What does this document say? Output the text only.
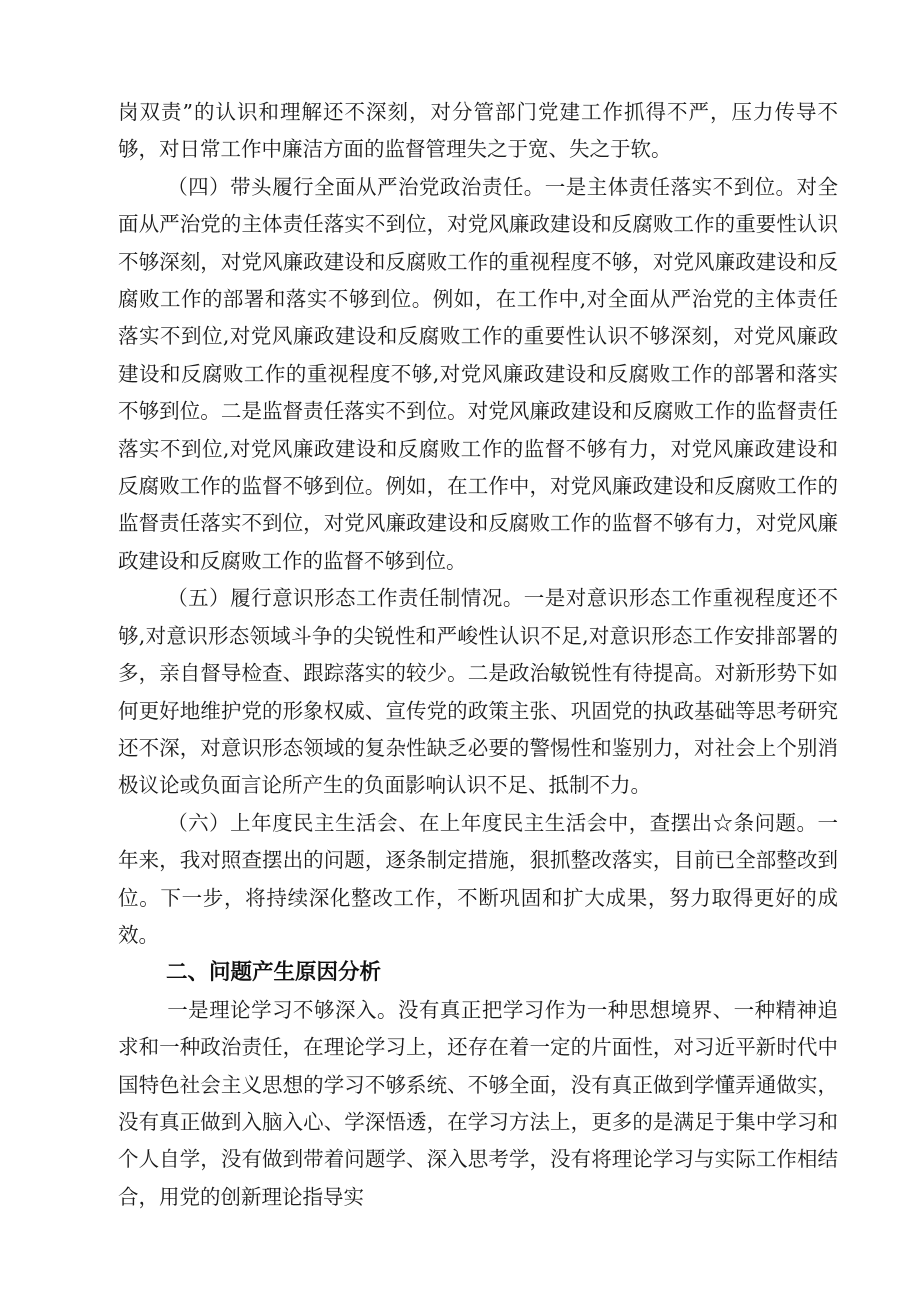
岗双责”的认识和理解还不深刻，对分管部门党建工作抓得不严，压力传导不够，对日常工作中廉洁方面的监督管理失之于宽、失之于软。

（四）带头履行全面从严治党政治责任。一是主体责任落实不到位。对全面从严治党的主体责任落实不到位，对党风廉政建设和反腐败工作的重要性认识不够深刻，对党风廉政建设和反腐败工作的重视程度不够，对党风廉政建设和反腐败工作的部署和落实不够到位。例如，在工作中,对全面从严治党的主体责任落实不到位,对党风廉政建设和反腐败工作的重要性认识不够深刻，对党风廉政建设和反腐败工作的重视程度不够,对党风廉政建设和反腐败工作的部署和落实不够到位。二是监督责任落实不到位。对党风廉政建设和反腐败工作的监督责任落实不到位,对党风廉政建设和反腐败工作的监督不够有力，对党风廉政建设和反腐败工作的监督不够到位。例如，在工作中，对党风廉政建设和反腐败工作的监督责任落实不到位，对党风廉政建设和反腐败工作的监督不够有力，对党风廉政建设和反腐败工作的监督不够到位。

（五）履行意识形态工作责任制情况。一是对意识形态工作重视程度还不够,对意识形态领域斗争的尖锐性和严峻性认识不足,对意识形态工作安排部署的多，亲自督导检查、跟踪落实的较少。二是政治敏锐性有待提高。对新形势下如何更好地维护党的形象权威、宣传党的政策主张、巩固党的执政基础等思考研究还不深，对意识形态领域的复杂性缺乏必要的警惕性和鉴别力，对社会上个别消极议论或负面言论所产生的负面影响认识不足、抵制不力。

（六）上年度民主生活会、在上年度民主生活会中，查摆出☆条问题。一年来，我对照查摆出的问题，逐条制定措施，狠抓整改落实，目前已全部整改到位。下一步，将持续深化整改工作，不断巩固和扩大成果，努力取得更好的成效。

二、问题产生原因分析

一是理论学习不够深入。没有真正把学习作为一种思想境界、一种精神追求和一种政治责任，在理论学习上，还存在着一定的片面性，对习近平新时代中国特色社会主义思想的学习不够系统、不够全面，没有真正做到学懂弄通做实，没有真正做到入脑入心、学深悟透，在学习方法上，更多的是满足于集中学习和个人自学，没有做到带着问题学、深入思考学，没有将理论学习与实际工作相结合，用党的创新理论指导实
